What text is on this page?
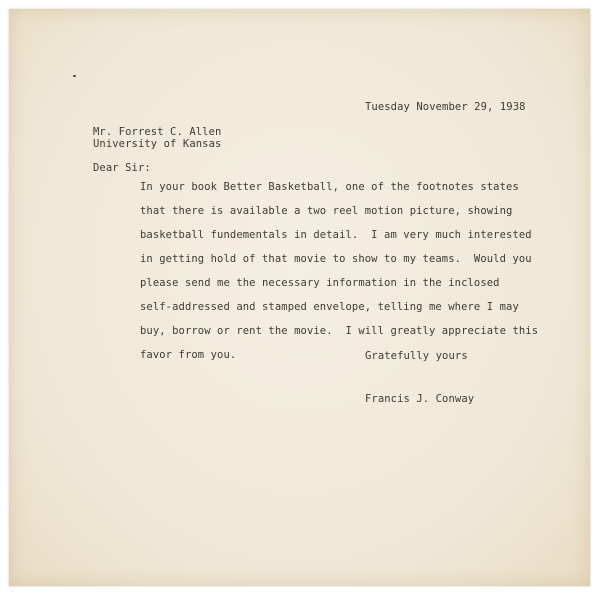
Tuesday November 29, 1938
Mr. Forrest C. Allen
University of Kansas
Dear Sir:
In your book Better Basketball, one of the footnotes states
that there is available a two reel motion picture, showing
basketball fundementals in detail.  I am very much interested
in getting hold of that movie to show to my teams.  Would you
please send me the necessary information in the inclosed
self-addressed and stamped envelope, telling me where I may
buy, borrow or rent the movie.  I will greatly appreciate this
favor from you.	Gratefully yours
Francis J. Conway
